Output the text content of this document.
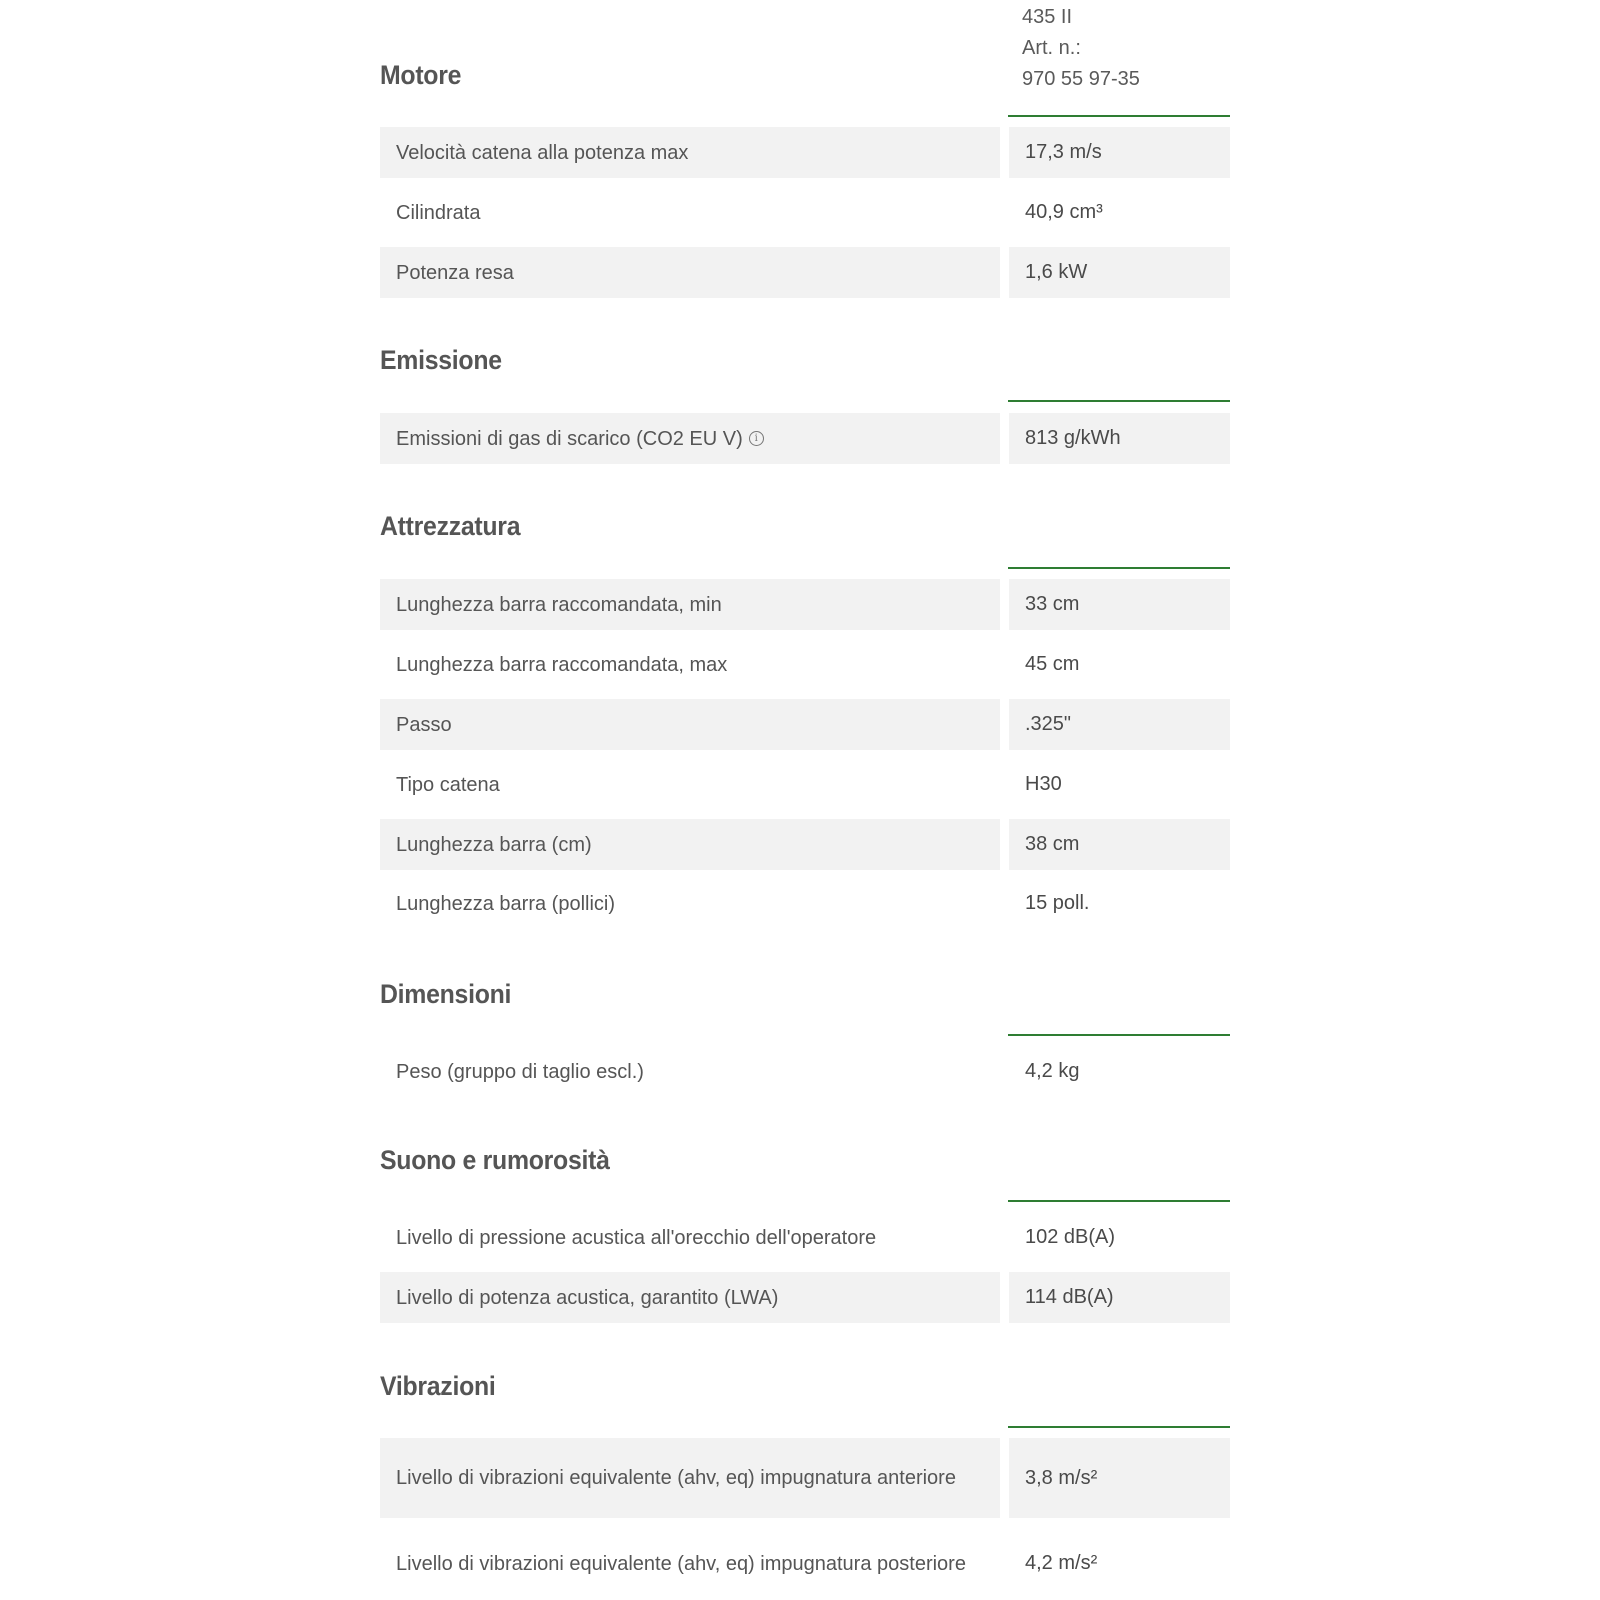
435 II
Art. n.:
970 55 97-35
Motore
Velocità catena alla potenza max	17,3 m/s
Cilindrata	40,9 cm³
Potenza resa	1,6 kW
Emissione
Emissioni di gas di scarico (CO2 EU V)	i	813 g/kWh
Attrezzatura
Lunghezza barra raccomandata, min	33 cm
Lunghezza barra raccomandata, max	45 cm
Passo	.325"
Tipo catena	H30
Lunghezza barra (cm)	38 cm
Lunghezza barra (pollici)	15 poll.
Dimensioni
Peso (gruppo di taglio escl.)	4,2 kg
Suono e rumorosità
Livello di pressione acustica all'orecchio dell'operatore	102 dB(A)
Livello di potenza acustica, garantito (LWA)	114 dB(A)
Vibrazioni
Livello di vibrazioni equivalente (ahv, eq) impugnatura anteriore	3,8 m/s²
Livello di vibrazioni equivalente (ahv, eq) impugnatura posteriore	4,2 m/s²
